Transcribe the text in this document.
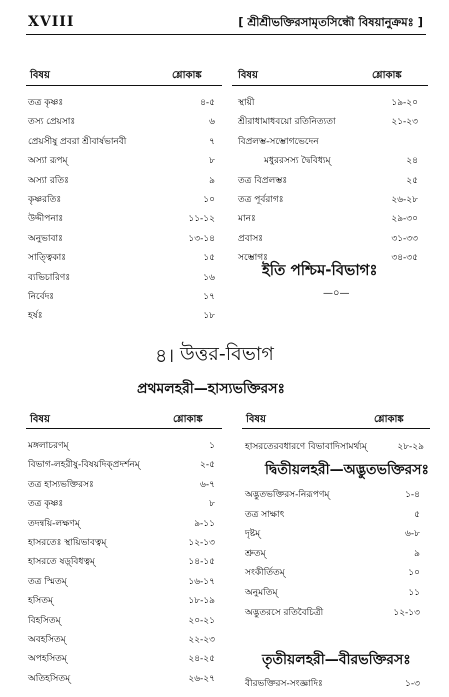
XVIII	[ শ্রীশ্রীভক্তিরসামৃতসিন্ধৌ বিষয়ানুক্রমঃ ]
বিষয়	শ্লোকাঙ্ক	বিষয়	শ্লোকাঙ্ক
তত্র কৃষ্ণঃ	৪-৫
তস্য প্রেয়সাঃ	৬
প্রেয়সীষু প্রবরা শ্রীবার্ষভানবী	৭
অস্যা রূপম্	৮
অস্যা রতিঃ	৯
কৃষ্ণরতিঃ	১০
উদ্দীপনাঃ	১১-১২
অনুভাবাঃ	১৩-১৪
সাত্ত্বিকাঃ	১৫
ব্যভিচারিণঃ	১৬
নির্বেদঃ	১৭
হর্ষঃ	১৮
স্থায়ী	১৯-২০
শ্রীরাধামাধবয়ো রতিনিত্যতা	২১-২৩
বিপ্রলম্ভ-সম্ভোগভেদেন
মধুররসস্য দ্বৈবিধ্যম্	২৪
তত্র বিপ্রলম্ভঃ	২৫
তত্র পূর্বরাগঃ	২৬-২৮
মানঃ	২৯-৩০
প্রবাসঃ	৩১-৩৩
সম্ভোগঃ	৩৪-৩৫
ইতি পশ্চিম-বিভাগঃ
—০—
৪। উত্তর-বিভাগ
প্রথমলহরী—হাস্যভক্তিরসঃ
বিষয়	শ্লোকাঙ্ক	বিষয়	শ্লোকাঙ্ক
মঙ্গলাচরণম্	১
বিভাগ-লহরীষু-বিষয়দিক্‌প্রদর্শনম্	২-৫
তত্র হাস্যভক্তিরসঃ	৬-৭
তত্র কৃষ্ণঃ	৮
তদন্বয়ি-লক্ষণম্	৯-১১
হাসরতেঃ স্থায়িভাবত্বম্	১২-১৩
হাসরতে ষড়্‌বিধত্বম্	১৪-১৫
তত্র স্মিতম্	১৬-১৭
হসিতম্	১৮-১৯
বিহসিতম্	২০-২১
অবহসিতম্	২২-২৩
অপহসিতম্	২৪-২৫
অতিহসিতম্	২৬-২৭
হাসরতেরবধারণে বিভাবাদিসামর্থ্যম্	২৮-২৯
দ্বিতীয়লহরী—অদ্ভুতভক্তিরসঃ
অদ্ভুতভক্তিরস-নিরূপণম্	১-৪
তত্র সাক্ষাৎ	৫
দৃষ্টম্	৬-৮
শ্রুতম্	৯
সংকীর্তিতম্	১০
অনুমতিম্	১১
অদ্ভুতরসে রতিবৈচিত্রী	১২-১৩
তৃতীয়লহরী—বীরভক্তিরসঃ
বীরভক্তিরস-সংজ্ঞাদিঃ	১-৩
